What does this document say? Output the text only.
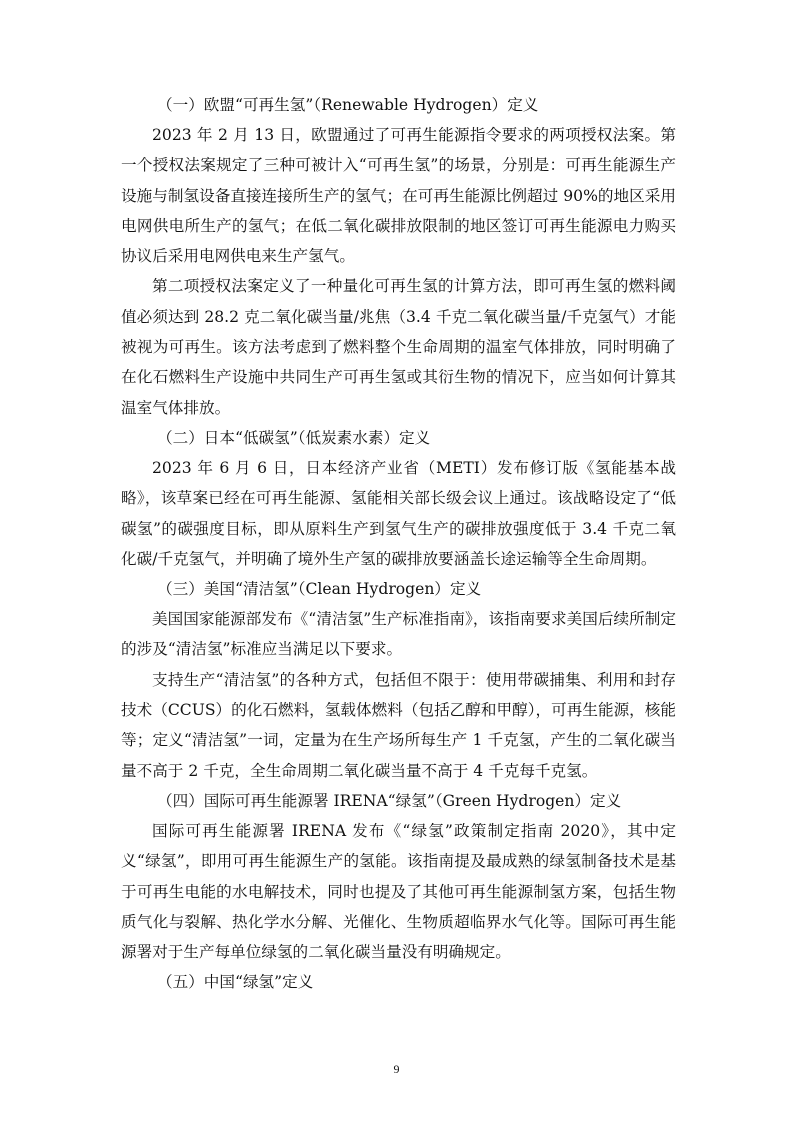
（一）欧盟“可再生氢”（Renewable Hydrogen）定义

2023 年 2 月 13 日，欧盟通过了可再生能源指令要求的两项授权法案。第一个授权法案规定了三种可被计入“可再生氢”的场景，分别是：可再生能源生产设施与制氢设备直接连接所生产的氢气；在可再生能源比例超过 90%的地区采用电网供电所生产的氢气；在低二氧化碳排放限制的地区签订可再生能源电力购买协议后采用电网供电来生产氢气。

第二项授权法案定义了一种量化可再生氢的计算方法，即可再生氢的燃料阈值必须达到 28.2 克二氧化碳当量/兆焦（3.4 千克二氧化碳当量/千克氢气）才能被视为可再生。该方法考虑到了燃料整个生命周期的温室气体排放，同时明确了在化石燃料生产设施中共同生产可再生氢或其衍生物的情况下，应当如何计算其温室气体排放。

（二）日本“低碳氢”（低炭素水素）定义

2023 年 6 月 6 日，日本经济产业省（METI）发布修订版《氢能基本战略》，该草案已经在可再生能源、氢能相关部长级会议上通过。该战略设定了“低碳氢”的碳强度目标，即从原料生产到氢气生产的碳排放强度低于 3.4 千克二氧化碳/千克氢气，并明确了境外生产氢的碳排放要涵盖长途运输等全生命周期。

（三）美国“清洁氢”（Clean Hydrogen）定义

美国国家能源部发布《“清洁氢”生产标准指南》，该指南要求美国后续所制定的涉及“清洁氢”标准应当满足以下要求。

支持生产“清洁氢”的各种方式，包括但不限于：使用带碳捕集、利用和封存技术（CCUS）的化石燃料，氢载体燃料（包括乙醇和甲醇），可再生能源，核能等；定义“清洁氢”一词，定量为在生产场所每生产 1 千克氢，产生的二氧化碳当量不高于 2 千克，全生命周期二氧化碳当量不高于 4 千克每千克氢。

（四）国际可再生能源署 IRENA“绿氢”（Green Hydrogen）定义

国际可再生能源署 IRENA 发布《“绿氢”政策制定指南 2020》，其中定义“绿氢”，即用可再生能源生产的氢能。该指南提及最成熟的绿氢制备技术是基于可再生电能的水电解技术，同时也提及了其他可再生能源制氢方案，包括生物质气化与裂解、热化学水分解、光催化、生物质超临界水气化等。国际可再生能源署对于生产每单位绿氢的二氧化碳当量没有明确规定。

（五）中国“绿氢”定义

9
